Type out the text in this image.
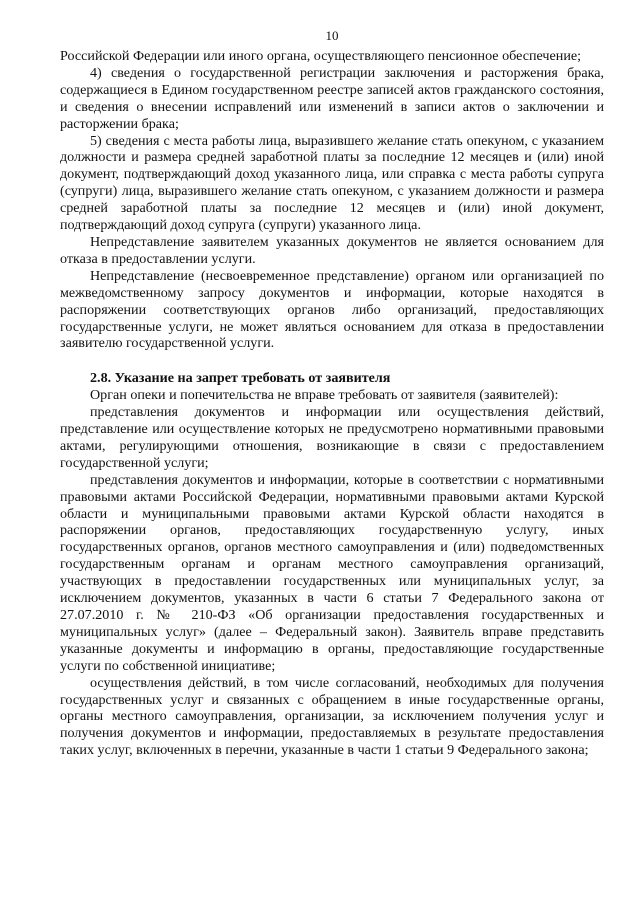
10

Российской Федерации или иного органа, осуществляющего пенсионное обеспечение;

4) сведения о государственной регистрации заключения и расторжения брака, содержащиеся в Едином государственном реестре записей актов гражданского состояния, и сведения о внесении исправлений или изменений в записи актов о заключении и расторжении брака;

5) сведения с места работы лица, выразившего желание стать опекуном, с указанием должности и размера средней заработной платы за последние 12 месяцев и (или) иной документ, подтверждающий доход указанного лица, или справка с места работы супруга (супруги) лица, выразившего желание стать опекуном, с указанием должности и размера средней заработной платы за последние 12 месяцев и (или) иной документ, подтверждающий доход супруга (супруги) указанного лица.

Непредставление заявителем указанных документов не является основанием для отказа в предоставлении услуги.

Непредставление (несвоевременное представление) органом или организацией по межведомственному запросу документов и информации, которые находятся в распоряжении соответствующих органов либо организаций, предоставляющих государственные услуги, не может являться основанием для отказа в предоставлении заявителю государственной услуги.

2.8. Указание на запрет требовать от заявителя

Орган опеки и попечительства не вправе требовать от заявителя (заявителей):

представления документов и информации или осуществления действий, представление или осуществление которых не предусмотрено нормативными правовыми актами, регулирующими отношения, возникающие в связи с предоставлением государственной услуги;

представления документов и информации, которые в соответствии с нормативными правовыми актами Российской Федерации, нормативными правовыми актами Курской области и муниципальными правовыми актами Курской области находятся в распоряжении органов, предоставляющих государственную услугу, иных государственных органов, органов местного самоуправления и (или) подведомственных государственным органам и органам местного самоуправления организаций, участвующих в предоставлении государственных или муниципальных услуг, за исключением документов, указанных в части 6 статьи 7 Федерального закона от 27.07.2010 г. № 210-ФЗ «Об организации предоставления государственных и муниципальных услуг» (далее – Федеральный закон). Заявитель вправе представить указанные документы и информацию в органы, предоставляющие государственные услуги по собственной инициативе;

осуществления действий, в том числе согласований, необходимых для получения государственных услуг и связанных с обращением в иные государственные органы, органы местного самоуправления, организации, за исключением получения услуг и получения документов и информации, предоставляемых в результате предоставления таких услуг, включенных в перечни, указанные в части 1 статьи 9 Федерального закона;
